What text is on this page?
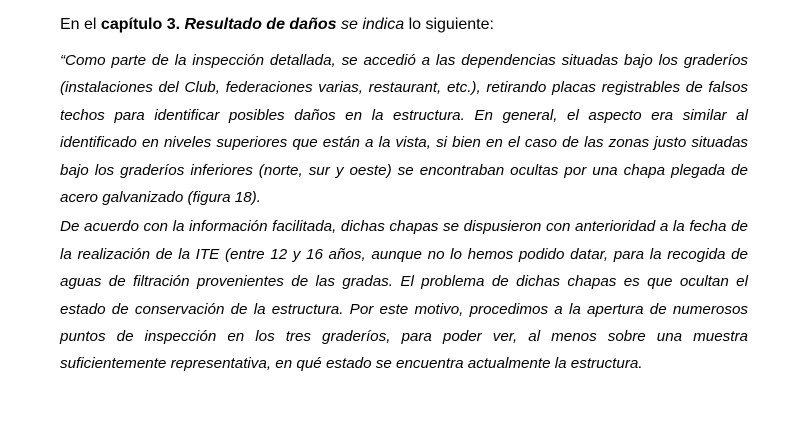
En el capítulo 3. Resultado de daños se indica lo siguiente:

“Como parte de la inspección detallada, se accedió a las dependencias situadas bajo los graderíos (instalaciones del Club, federaciones varias, restaurant, etc.), retirando placas registrables de falsos techos para identificar posibles daños en la estructura. En general, el aspecto era similar al identificado en niveles superiores que están a la vista, si bien en el caso de las zonas justo situadas bajo los graderíos inferiores (norte, sur y oeste) se encontraban ocultas por una chapa plegada de acero galvanizado (figura 18).

De acuerdo con la información facilitada, dichas chapas se dispusieron con anterioridad a la fecha de la realización de la ITE (entre 12 y 16 años, aunque no lo hemos podido datar, para la recogida de aguas de filtración provenientes de las gradas. El problema de dichas chapas es que ocultan el estado de conservación de la estructura. Por este motivo, procedimos a la apertura de numerosos puntos de inspección en los tres graderíos, para poder ver, al menos sobre una muestra suficientemente representativa, en qué estado se encuentra actualmente la estructura.
